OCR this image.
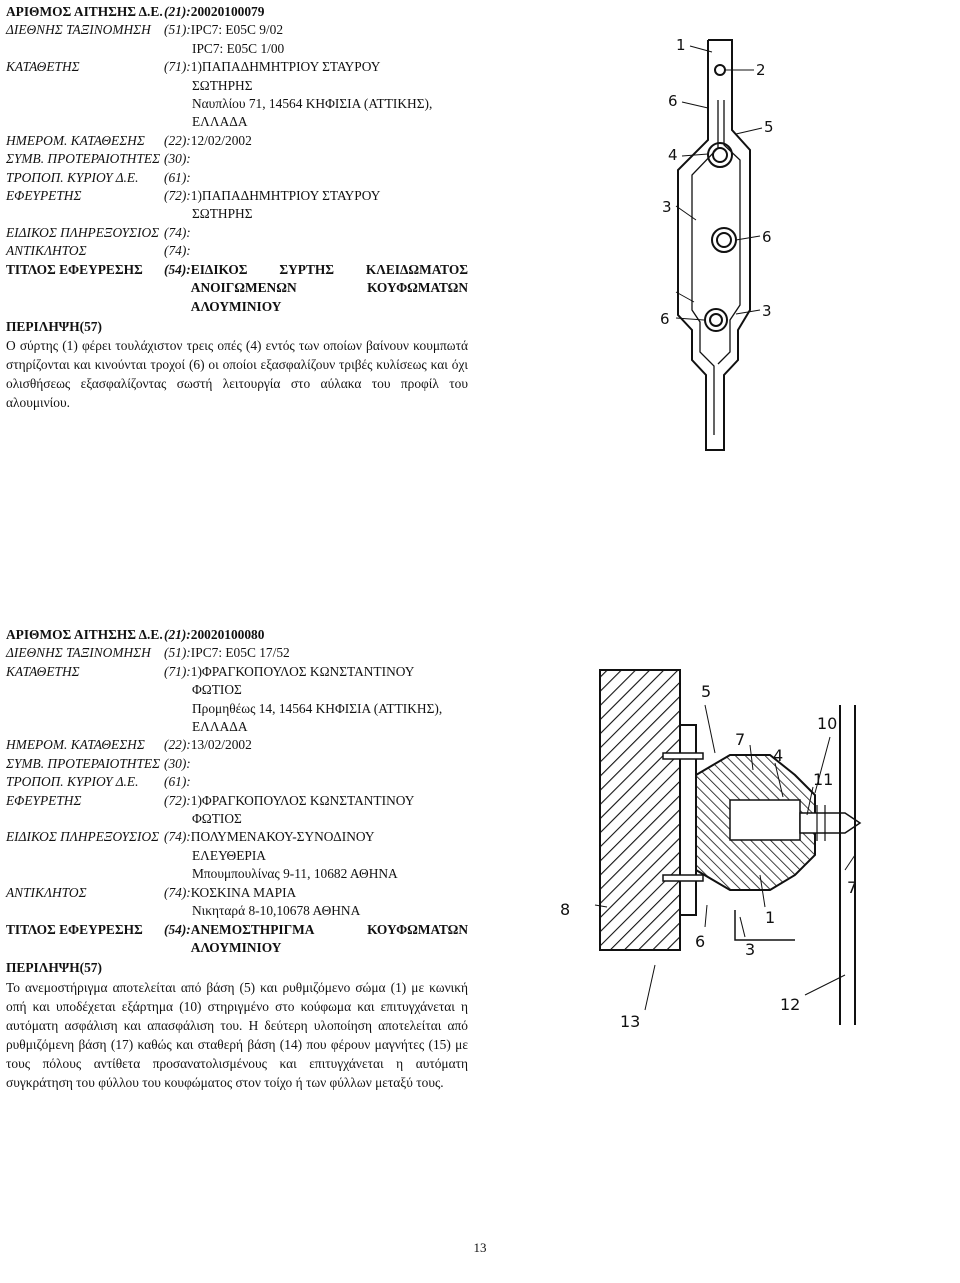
ΑΡΙΘΜΟΣ ΑΙΤΗΣΗΣ Δ.Ε. (21):20020100079
ΔΙΕΘΝΗΣ ΤΑΞΙΝΟΜΗΣΗ (51):IPC7: E05C 9/02
IPC7: E05C 1/00
ΚΑΤΑΘΕΤΗΣ	(71):1)ΠΑΠΑΔΗΜΗΤΡΙΟΥ ΣΤΑΥΡΟΥ
ΣΩΤΗΡΗΣ
Ναυπλίου 71, 14564 ΚΗΦΙΣΙΑ (ΑΤΤΙΚΗΣ),
ΕΛΛΑΔΑ
ΗΜΕΡΟΜ. ΚΑΤΑΘΕΣΗΣ	(22):12/02/2002
ΣΥΜΒ. ΠΡΟΤΕΡΑΙΟΤΗΤΕΣ (30):
ΤΡΟΠΟΠ. ΚΥΡΙΟΥ Δ.Ε.	(61):
ΕΦΕΥΡΕΤΗΣ	(72):1)ΠΑΠΑΔΗΜΗΤΡΙΟΥ ΣΤΑΥΡΟΥ
ΣΩΤΗΡΗΣ
ΕΙΔΙΚΟΣ ΠΛΗΡΕΞΟΥΣΙΟΣ (74):
ΑΝΤΙΚΛΗΤΟΣ	(74):
ΤΙΤΛΟΣ ΕΦΕΥΡΕΣΗΣ	(54): ΕΙΔΙΚΟΣ ΣΥΡΤΗΣ ΚΛΕΙΔΩΜΑΤΟΣ
ΑΝΟΙΓΩΜΕΝΩΝ ΚΟΥΦΩΜΑΤΩΝ
ΑΛΟΥΜΙΝΙΟΥ
ΠΕΡΙΛΗΨΗ(57)

Ο σύρτης (1) φέρει τουλάχιστον τρεις οπές (4) εντός των οποίων βαίνουν κουμπωτά στηρίζονται και κινούνται τροχοί (6) οι οποίοι εξασφαλίζουν τριβές κυλίσεως και όχι ολισθήσεως εξασφαλίζοντας σωστή λειτουργία στο αύλακα του προφίλ του αλουμινίου.

1
2
6
5
4
3
6
6	3
ΑΡΙΘΜΟΣ ΑΙΤΗΣΗΣ Δ.Ε. (21):20020100080
ΔΙΕΘΝΗΣ ΤΑΞΙΝΟΜΗΣΗ (51):IPC7: E05C 17/52
ΚΑΤΑΘΕΤΗΣ	(71):1)ΦΡΑΓΚΟΠΟΥΛΟΣ ΚΩΝΣΤΑΝΤΙΝΟΥ
ΦΩΤΙΟΣ
Προμηθέως 14, 14564 ΚΗΦΙΣΙΑ (ΑΤΤΙΚΗΣ),
ΕΛΛΑΔΑ
ΗΜΕΡΟΜ. ΚΑΤΑΘΕΣΗΣ	(22):13/02/2002
ΣΥΜΒ. ΠΡΟΤΕΡΑΙΟΤΗΤΕΣ (30):
ΤΡΟΠΟΠ. ΚΥΡΙΟΥ Δ.Ε.	(61):
ΕΦΕΥΡΕΤΗΣ	(72):1)ΦΡΑΓΚΟΠΟΥΛΟΣ ΚΩΝΣΤΑΝΤΙΝΟΥ
ΦΩΤΙΟΣ
ΕΙΔΙΚΟΣ ΠΛΗΡΕΞΟΥΣΙΟΣ (74):ΠΟΛΥΜΕΝΑΚΟΥ-ΣΥΝΟΔΙΝΟΥ
ΕΛΕΥΘΕΡΙΑ
Μπουμπουλίνας 9-11, 10682 ΑΘΗΝΑ
ΑΝΤΙΚΛΗΤΟΣ	(74):ΚΟΣΚΙΝΑ ΜΑΡΙΑ
Νικηταρά 8-10,10678 ΑΘΗΝΑ
ΤΙΤΛΟΣ ΕΦΕΥΡΕΣΗΣ	(54): ΑΝΕΜΟΣΤΗΡΙΓΜΑ ΚΟΥΦΩΜΑΤΩΝ
ΑΛΟΥΜΙΝΙΟΥ
ΠΕΡΙΛΗΨΗ(57)

Το ανεμοστήριγμα αποτελείται από βάση (5) και ρυθμιζόμενο σώμα (1) με κωνική οπή και υποδέχεται εξάρτημα (10) στηριγμένο στο κούφωμα και επιτυγχάνεται η αυτόματη ασφάλιση και απασφάλιση του. Η δεύτερη υλοποίηση αποτελείται από ρυθμιζόμενη βάση (17) καθώς και σταθερή βάση (14) που φέρουν μαγνήτες (15) με τους πόλους αντίθετα προσανατολισμένους και επιτυγχάνεται η αυτόματη συγκράτηση του φύλλου του κουφώματος στον τοίχο ή των φύλλων μεταξύ τους.

5
10
7
4
11
1
7
8
6 3
12
13
13
